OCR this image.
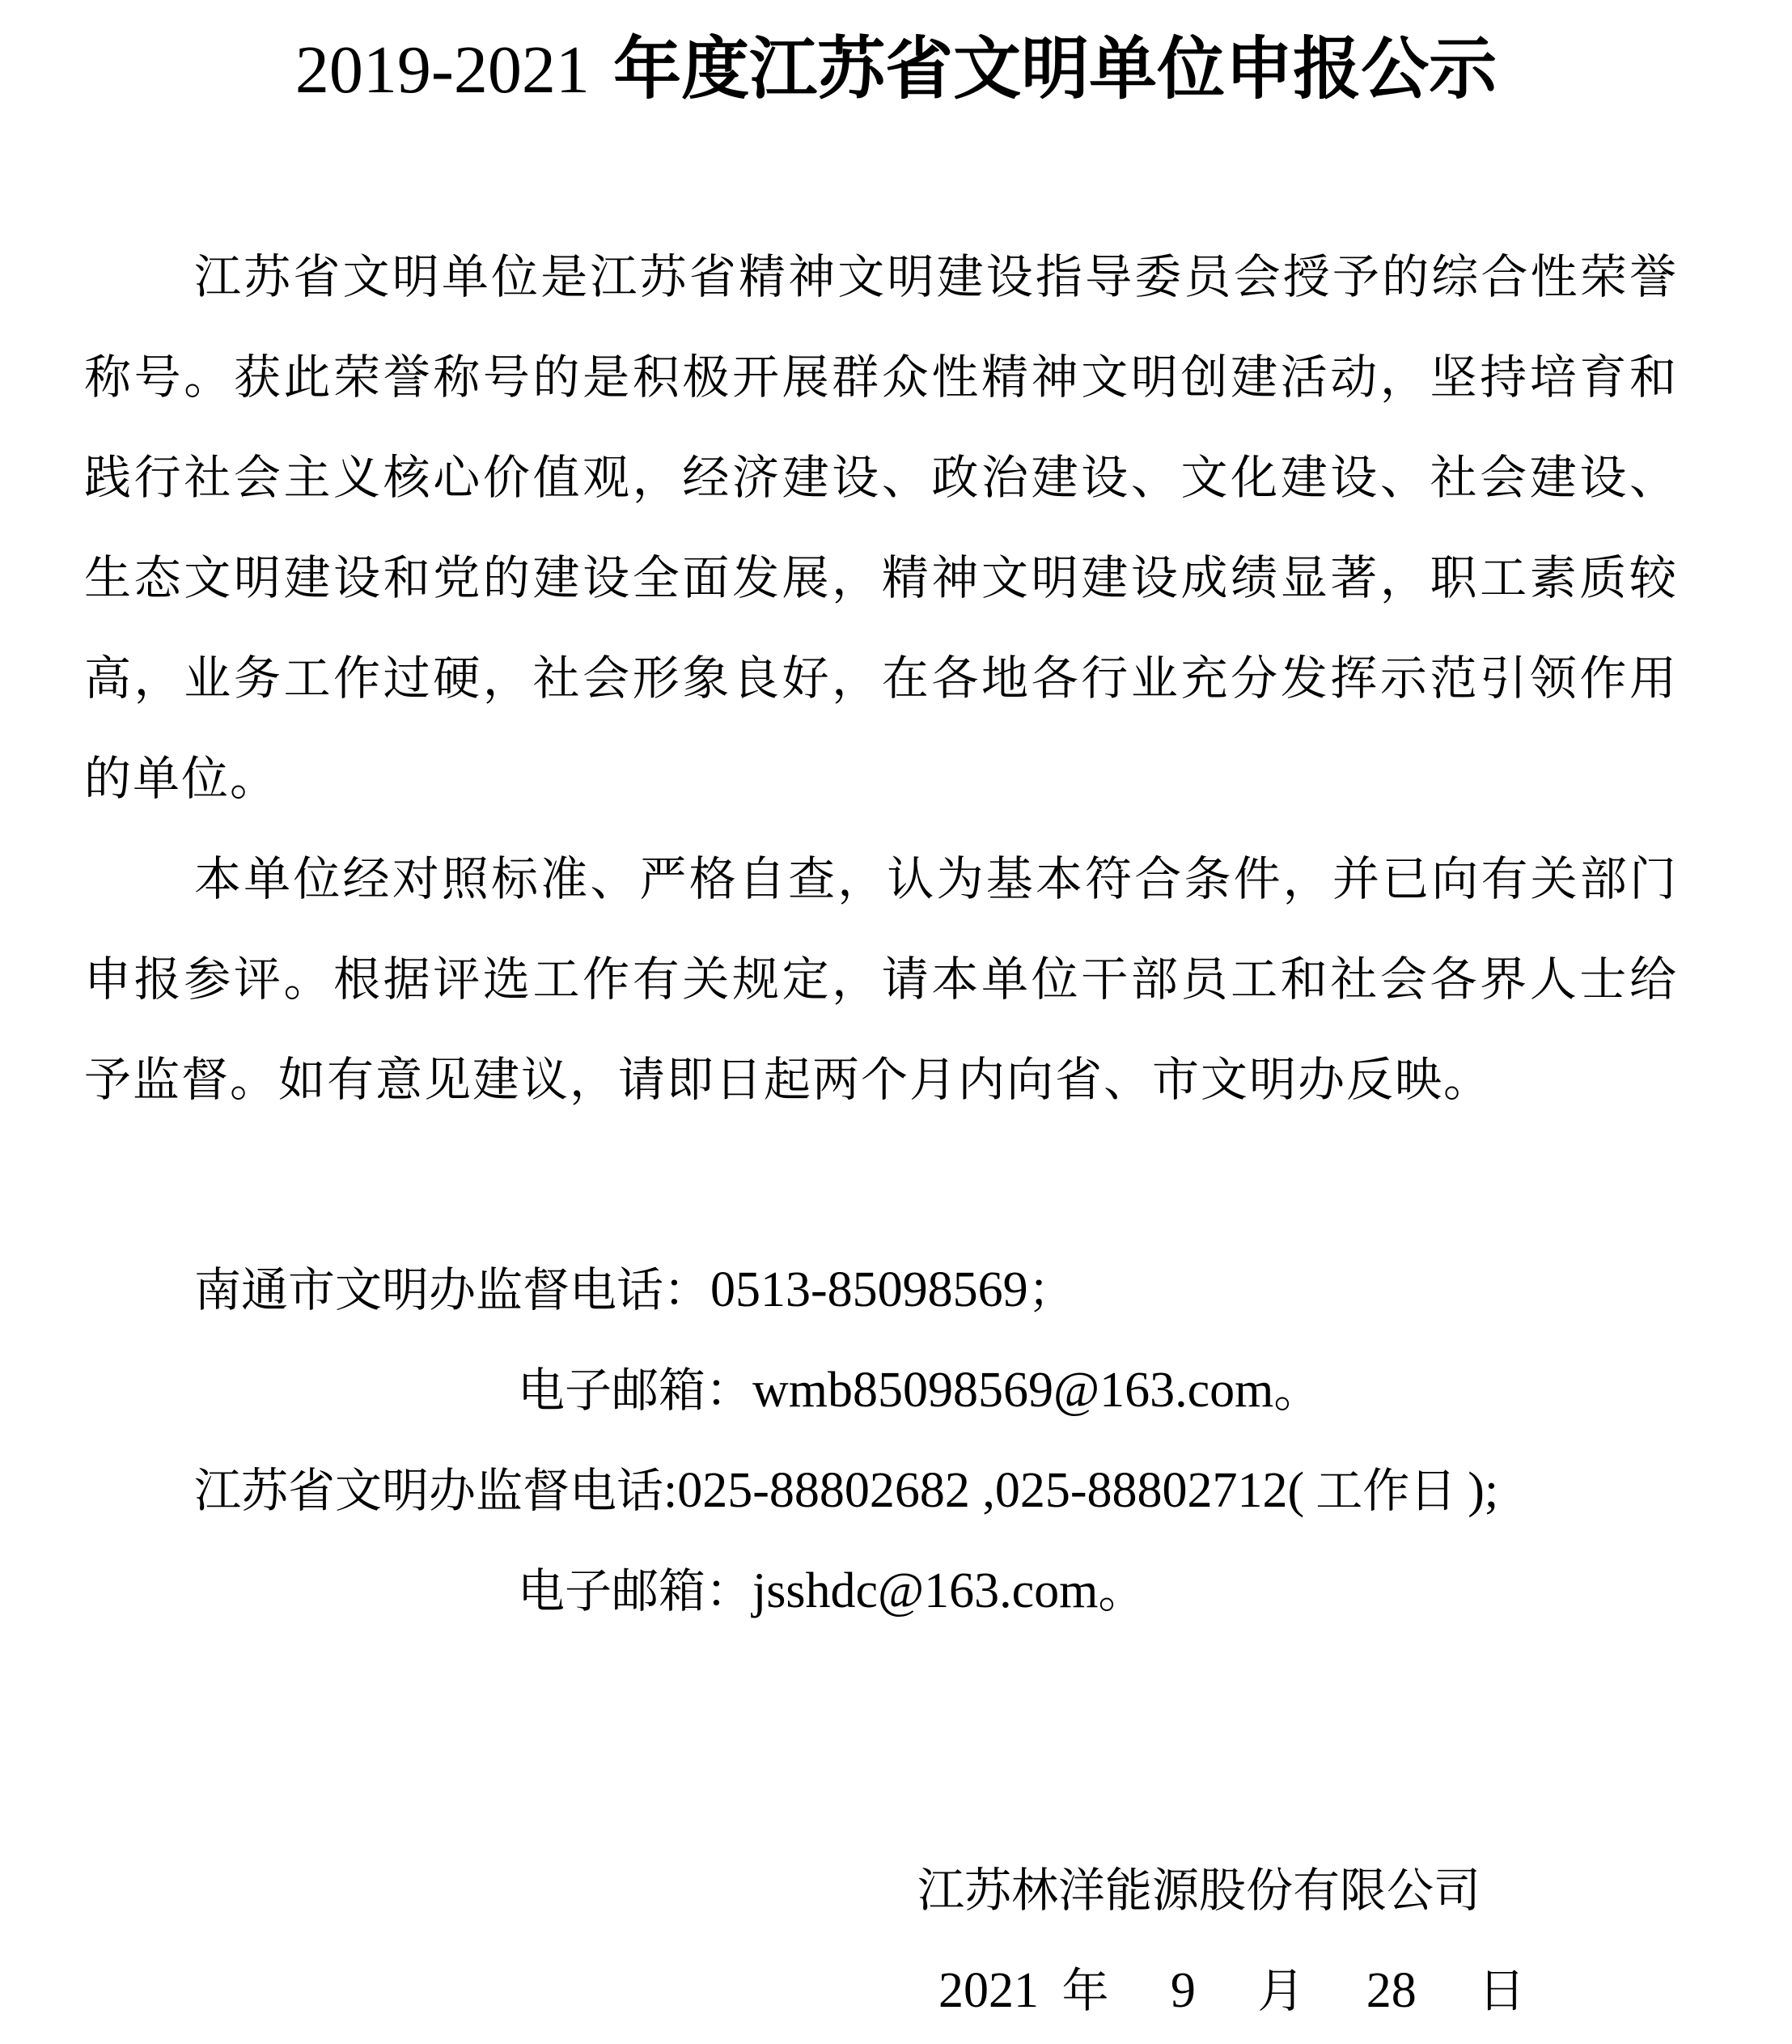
2019-2021 年度江苏省文明单位申报公示

江苏省文明单位是江苏省精神文明建设指导委员会授予的综合性荣誉称号。获此荣誉称号的是积极开展群众性精神文明创建活动，坚持培育和践行社会主义核心价值观，经济建设、政治建设、文化建设、社会建设、生态文明建设和党的建设全面发展，精神文明建设成绩显著，职工素质较高，业务工作过硬，社会形象良好，在各地各行业充分发挥示范引领作用的单位。

本单位经对照标准、严格自查，认为基本符合条件，并已向有关部门申报参评。根据评选工作有关规定，请本单位干部员工和社会各界人士给予监督。如有意见建议，请即日起两个月内向省、市文明办反映。

南通市文明办监督电话：0513-85098569；
电子邮箱：wmb85098569@163.com。
江苏省文明办监督电话:025-88802682 ,025-88802712( 工作日 );
电子邮箱：jsshdc@163.com。
江苏林洋能源股份有限公司
2021 年 9 月 28 日
